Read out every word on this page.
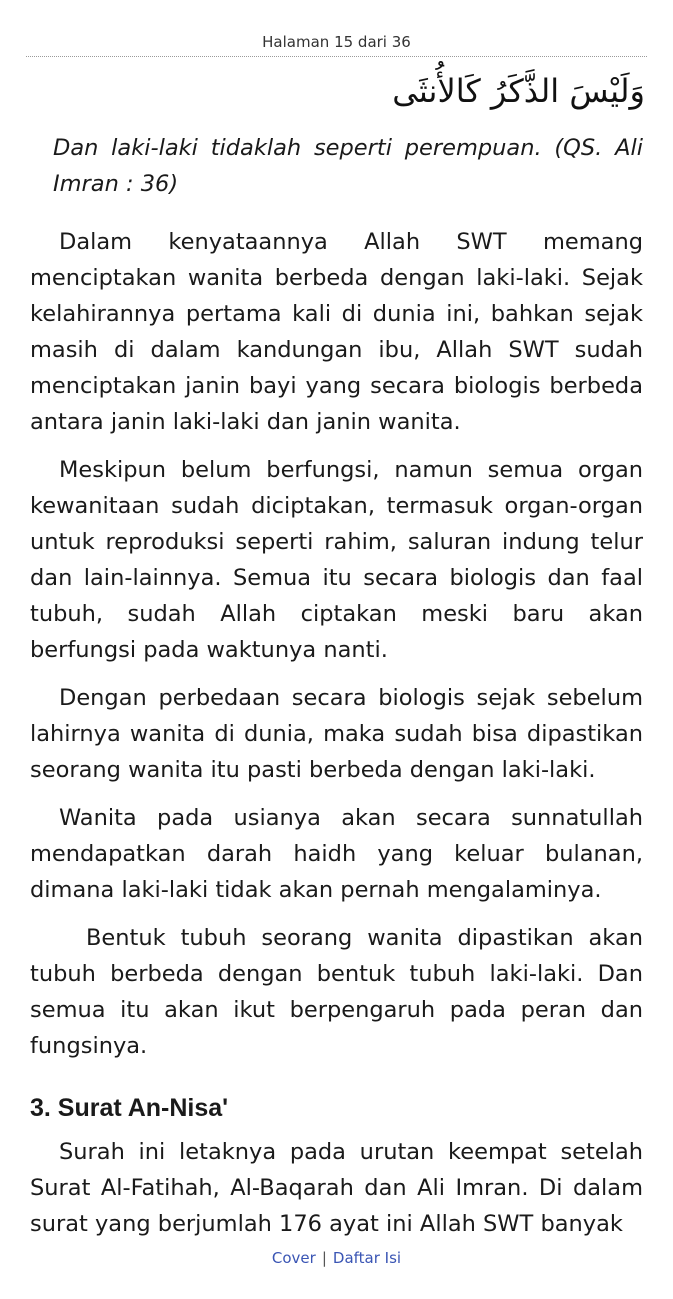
Halaman 15 dari 36
وَلَيْسَ الذَّكَرُ كَالأُنثَى

Dan laki-laki tidaklah seperti perempuan. (QS. Ali Imran : 36)

Dalam kenyataannya Allah SWT memang menciptakan wanita berbeda dengan laki-laki. Sejak kelahirannya pertama kali di dunia ini, bahkan sejak masih di dalam kandungan ibu, Allah SWT sudah menciptakan janin bayi yang secara biologis berbeda antara janin laki-laki dan janin wanita.

Meskipun belum berfungsi, namun semua organ kewanitaan sudah diciptakan, termasuk organ-organ untuk reproduksi seperti rahim, saluran indung telur dan lain-lainnya. Semua itu secara biologis dan faal tubuh, sudah Allah ciptakan meski baru akan berfungsi pada waktunya nanti.

Dengan perbedaan secara biologis sejak sebelum lahirnya wanita di dunia, maka sudah bisa dipastikan seorang wanita itu pasti berbeda dengan laki-laki.

Wanita pada usianya akan secara sunnatullah mendapatkan darah haidh yang keluar bulanan, dimana laki-laki tidak akan pernah mengalaminya.

Bentuk tubuh seorang wanita dipastikan akan tubuh berbeda dengan bentuk tubuh laki-laki. Dan semua itu akan ikut berpengaruh pada peran dan fungsinya.

3. Surat An-Nisa'

Surah ini letaknya pada urutan keempat setelah Surat Al-Fatihah, Al-Baqarah dan Ali Imran. Di dalam surat yang berjumlah 176 ayat ini Allah SWT banyak

Cover | Daftar Isi
